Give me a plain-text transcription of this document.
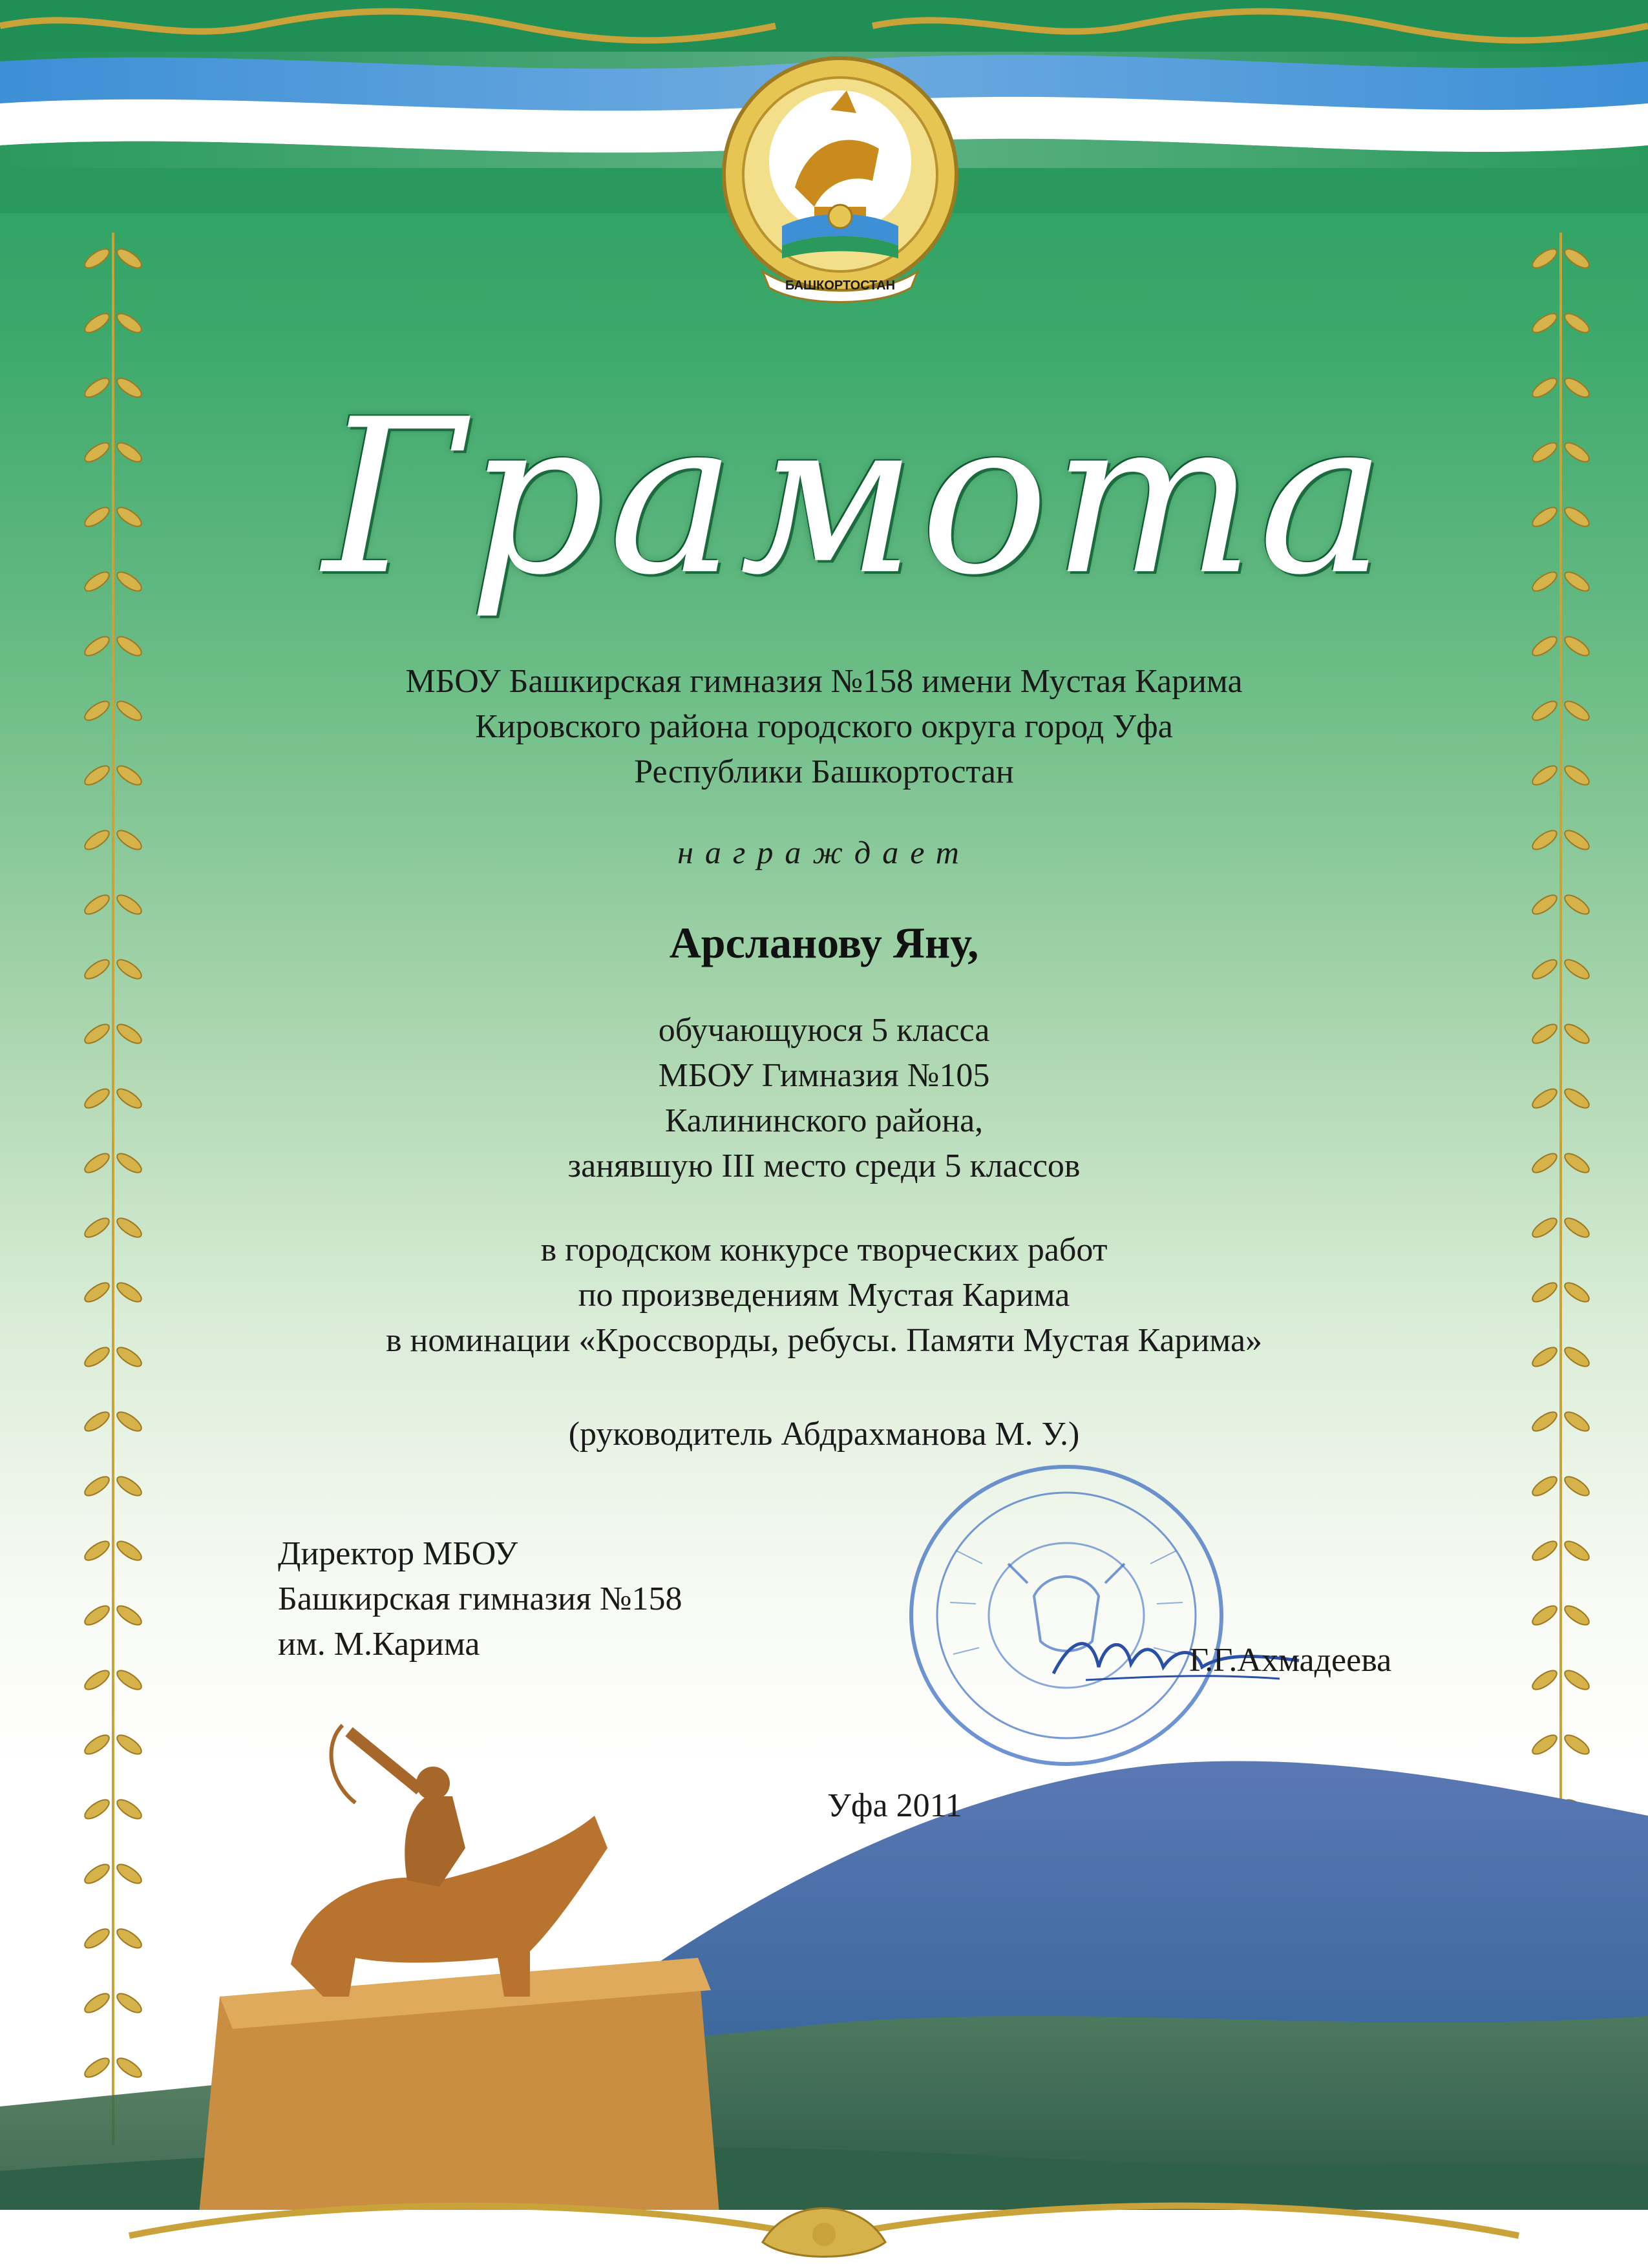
БАШКОРТОСТАН
Грамота
МБОУ Башкирская гимназия №158 имени Мустая Карима
Кировского района городского округа город Уфа
Республики Башкортостан
награждает
Арсланову Яну,
обучающуюся 5 класса
МБОУ Гимназия №105
Калининского района,
занявшую III место среди 5 классов
в городском конкурсе творческих работ
по произведениям Мустая Карима
в номинации «Кроссворды, ребусы. Памяти Мустая Карима»
(руководитель Абдрахманова М. У.)
Директор МБОУ
Башкирская гимназия №158
им. М.Карима	Г.Г.Ахмадеева
Уфа 2011
